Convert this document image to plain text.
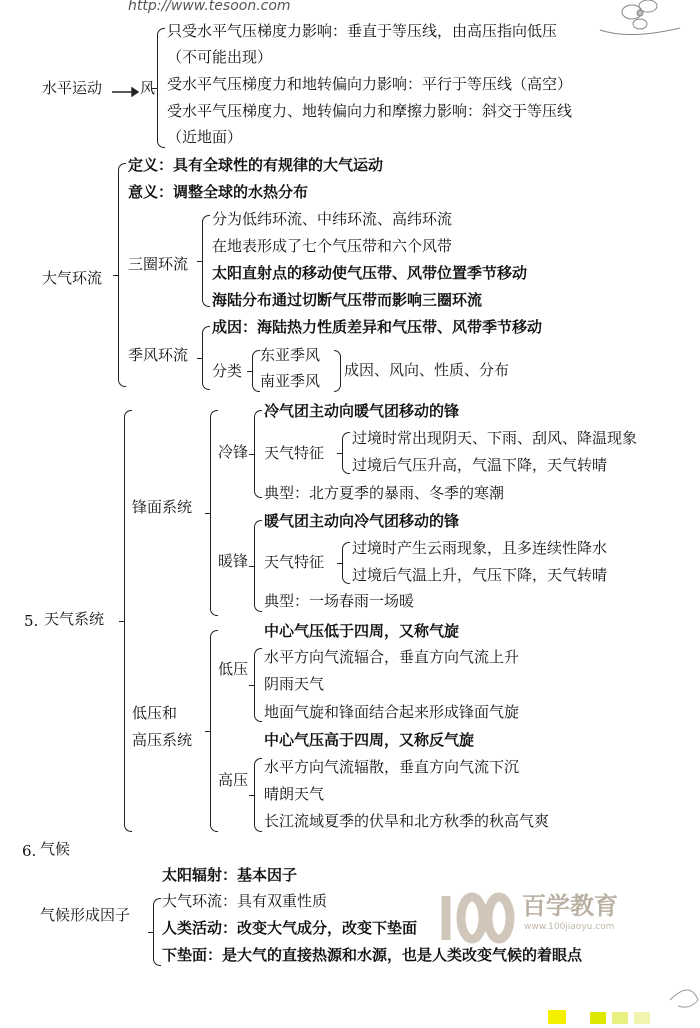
http://www.tesoon.com
水平运动	风
只受水平气压梯度力影响：垂直于等压线，由高压指向低压
（不可能出现）
受水平气压梯度力和地转偏向力影响：平行于等压线（高空）
受水平气压梯度力、地转偏向力和摩擦力影响：斜交于等压线
（近地面）
大气环流
定义：具有全球性的有规律的大气运动
意义：调整全球的水热分布
三圈环流
分为低纬环流、中纬环流、高纬环流
在地表形成了七个气压带和六个风带
太阳直射点的移动使气压带、风带位置季节移动
海陆分布通过切断气压带而影响三圈环流
季风环流
成因：海陆热力性质差异和气压带、风带季节移动
分类
东亚季风
南亚季风
成因、风向、性质、分布
5. 天气系统
锋面系统
冷锋
冷气团主动向暖气团移动的锋
天气特征
过境时常出现阴天、下雨、刮风、降温现象
过境后气压升高，气温下降，天气转晴
典型：北方夏季的暴雨、冬季的寒潮
暖锋
暖气团主动向冷气团移动的锋
天气特征
过境时产生云雨现象，且多连续性降水
过境后气温上升，气压下降，天气转晴
典型：一场春雨一场暖
低压和
高压系统
低压
中心气压低于四周，又称气旋
水平方向气流辐合，垂直方向气流上升
阴雨天气
地面气旋和锋面结合起来形成锋面气旋
高压
中心气压高于四周，又称反气旋
水平方向气流辐散，垂直方向气流下沉
晴朗天气
长江流域夏季的伏旱和北方秋季的秋高气爽
6. 气候
太阳辐射：基本因子
气候形成因子
大气环流：具有双重性质
人类活动：改变大气成分，改变下垫面
下垫面：是大气的直接热源和水源，也是人类改变气候的着眼点
百学教育
www.100jiaoyu.com
